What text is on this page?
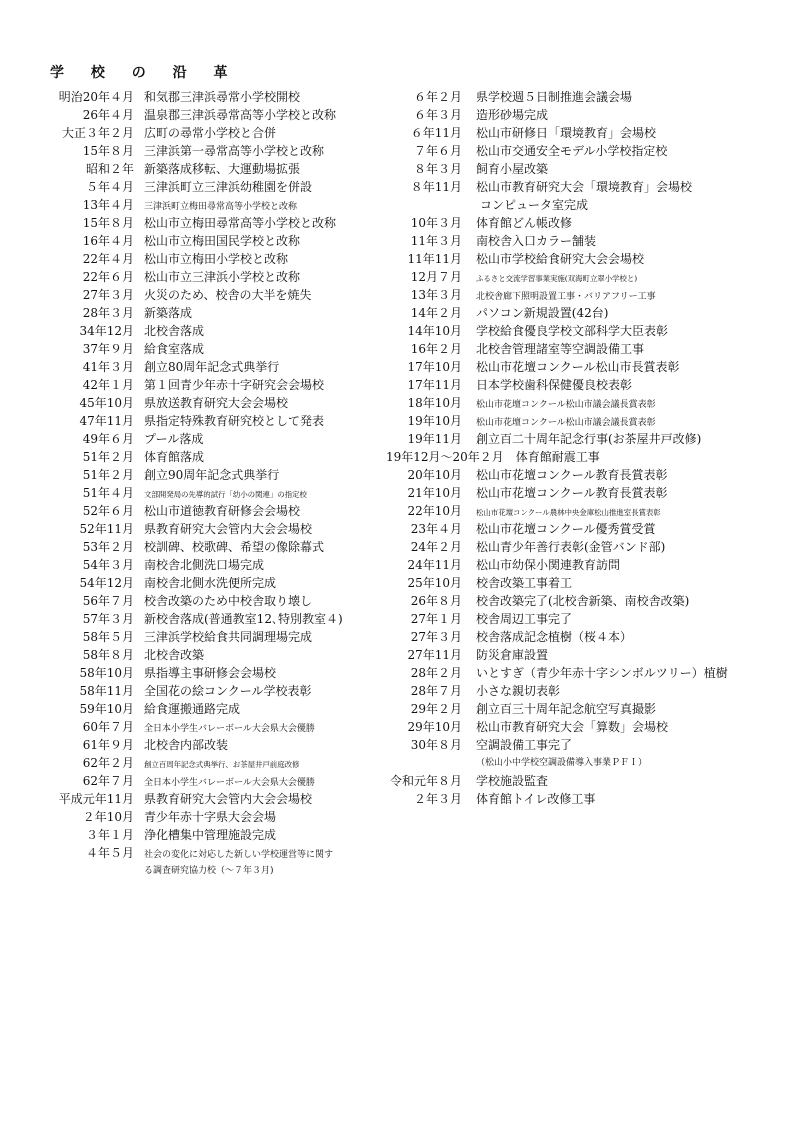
学 校 の 沿 革
明治20年４月 和気郡三津浜尋常小学校開校
26年４月 温泉郡三津浜尋常高等小学校と改称
大正３年２月 広町の尋常小学校と合併
15年８月 三津浜第一尋常高等小学校と改称
昭和２年 新築落成移転、大運動場拡張
５年４月 三津浜町立三津浜幼稚園を併設
13年４月	三津浜町立梅田尋常高等小学校と改称
15年８月 松山市立梅田尋常高等小学校と改称
16年４月 松山市立梅田国民学校と改称
22年４月 松山市立梅田小学校と改称
22年６月 松山市立三津浜小学校と改称
27年３月 火災のため、校舎の大半を焼失
28年３月 新築落成
34年12月 北校舎落成
37年９月 給食室落成
41年３月 創立80周年記念式典挙行
42年１月 第１回青少年赤十字研究会会場校
45年10月 県放送教育研究大会会場校
47年11月 県指定特殊教育研究校として発表
49年６月 プール落成
51年２月 体育館落成
51年２月 創立90周年記念式典挙行
51年４月	文部開発局の先導的試行「幼小の関連」の指定校
52年６月 松山市道徳教育研修会会場校
52年11月 県教育研究大会管内大会会場校
53年２月 校訓碑、校歌碑、希望の像除幕式
54年３月 南校舎北側洗口場完成
54年12月 南校舎北側水洗便所完成
56年７月 校舎改築のため中校舎取り壊し
57年３月 新校舎落成(普通教室12､特別教室４)
58年５月 三津浜学校給食共同調理場完成
58年８月 北校舎改築
58年10月 県指導主事研修会会場校
58年11月 全国花の絵コンクール学校表彰
59年10月 給食運搬通路完成
60年７月	全日本小学生バレーボール大会県大会優勝
61年９月 北校舎内部改装
62年２月	創立百周年記念式典挙行、お茶屋井戸前庭改修
62年７月	全日本小学生バレーボール大会県大会優勝
平成元年11月 県教育研究大会管内大会会場校
２年10月 青少年赤十字県大会会場
３年１月 浄化槽集中管理施設完成
４年５月	社会の変化に対応した新しい学校運営等に関す
る調査研究協力校（～７年３月)
６年２月	県学校週５日制推進会議会場
６年３月	造形砂場完成
６年11月	松山市研修日「環境教育」会場校
７年６月	松山市交通安全モデル小学校指定校
８年３月	飼育小屋改築
８年11月	松山市教育研究大会「環境教育」会場校
コンピュータ室完成
10年３月	体育館どん帳改修
11年３月	南校舎入口カラー舗装
11年11月	松山市学校給食研究大会会場校
12月７月	ふるさと交流学習事業実施(双海町立翠小学校と)
13年３月	北校舎廊下照明設置工事・バリアフリー工事
14年２月	パソコン新規設置(42台)
14年10月	学校給食優良学校文部科学大臣表彰
16年２月	北校舎管理諸室等空調設備工事
17年10月	松山市花壇コンクール松山市長賞表彰
17年11月	日本学校歯科保健優良校表彰
18年10月	松山市花壇コンクール松山市議会議長賞表彰
19年10月	松山市花壇コンクール松山市議会議長賞表彰
19年11月	創立百二十周年記念行事(お茶屋井戸改修)
19年12月～20年２月　体育館耐震工事
20年10月	松山市花壇コンクール教育長賞表彰
21年10月	松山市花壇コンクール教育長賞表彰
22年10月	松山市花壇コンクール農林中央金庫松山推進室長賞表彰
23年４月	松山市花壇コンクール優秀賞受賞
24年２月	松山青少年善行表彰(金管バンド部)
24年11月	松山市幼保小関連教育訪問
25年10月	校舎改築工事着工
26年８月	校舎改築完了(北校舎新築、南校舎改築)
27年１月	校舎周辺工事完了
27年３月	校舎落成記念植樹（桜４本）
27年11月	防災倉庫設置
28年２月	いとすぎ（青少年赤十字シンボルツリー）植樹
28年７月	小さな親切表彰
29年２月	創立百三十周年記念航空写真撮影
29年10月	松山市教育研究大会「算数」会場校
30年８月	空調設備工事完了
（松山小中学校空調設備導入事業ＰＦＩ）
令和元年８月	学校施設監査
２年３月	体育館トイレ改修工事
